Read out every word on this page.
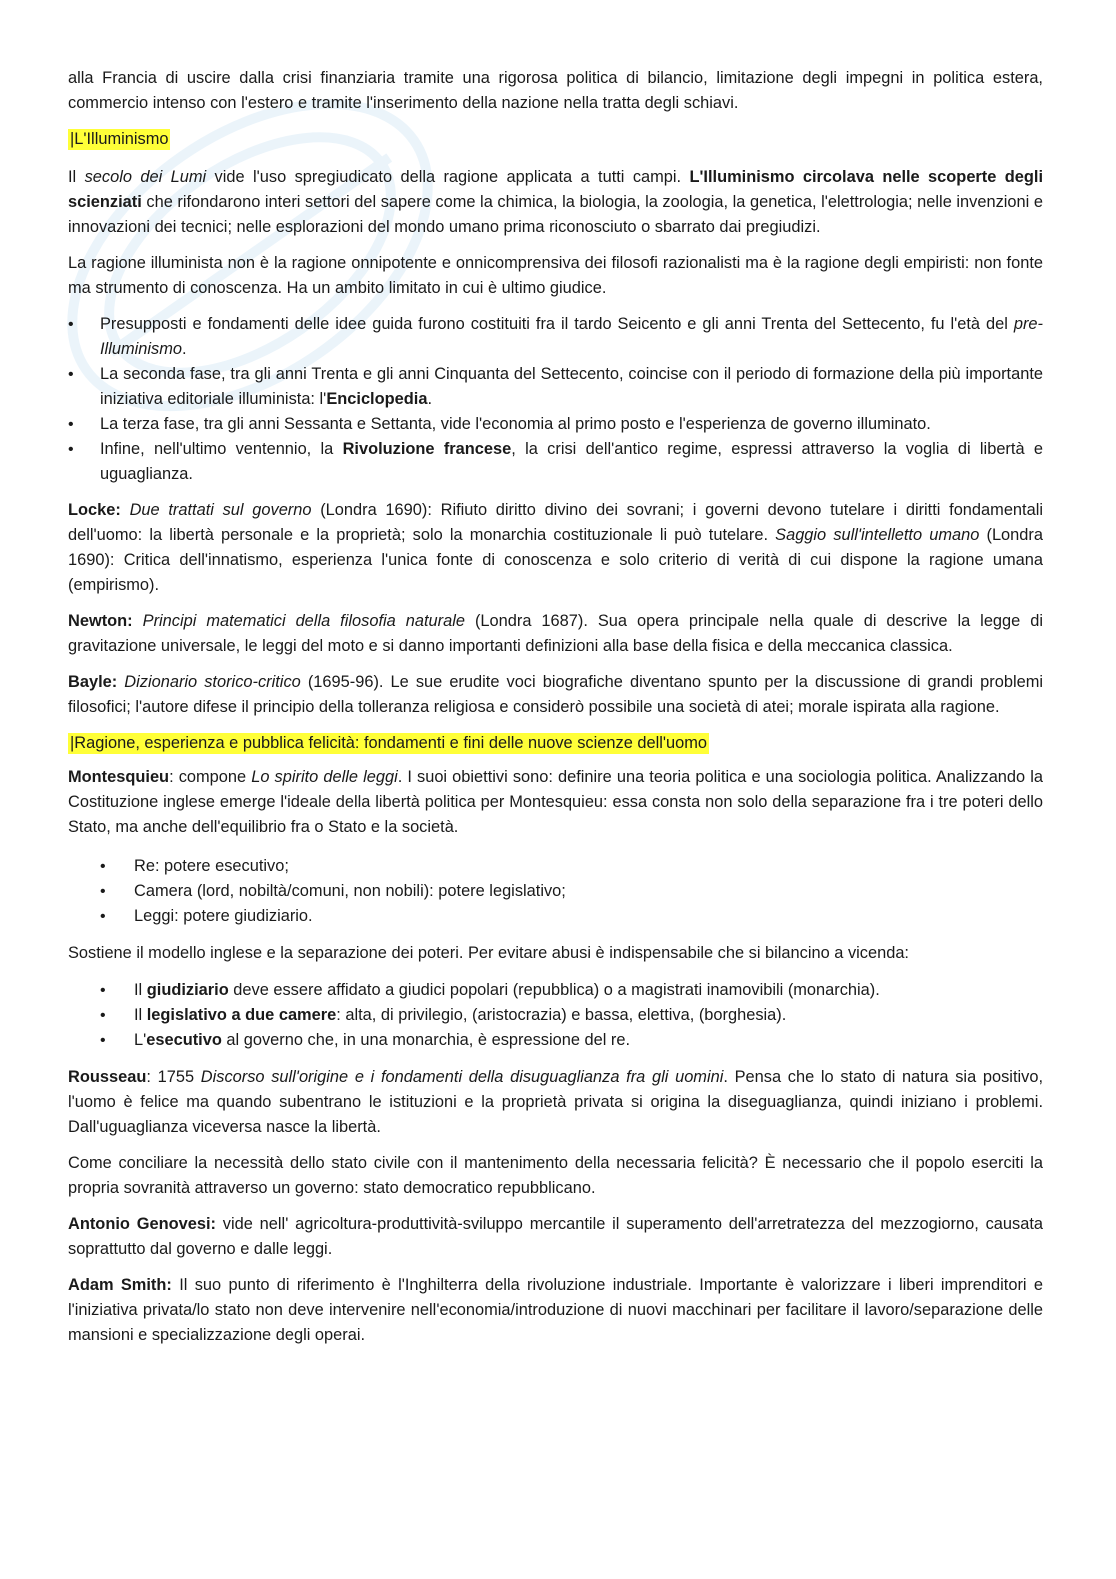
alla Francia di uscire dalla crisi finanziaria tramite una rigorosa politica di bilancio, limitazione degli impegni in politica estera, commercio intenso con l'estero e tramite l'inserimento della nazione nella tratta degli schiavi.

|L'Illuminismo

Il secolo dei Lumi vide l'uso spregiudicato della ragione applicata a tutti campi. L'Illuminismo circolava nelle scoperte degli scienziati che rifondarono interi settori del sapere come la chimica, la biologia, la zoologia, la genetica, l'elettrologia; nelle invenzioni e innovazioni dei tecnici; nelle esplorazioni del mondo umano prima riconosciuto o sbarrato dai pregiudizi.

La ragione illuminista non è la ragione onnipotente e onnicomprensiva dei filosofi razionalisti ma è la ragione degli empiristi: non fonte ma strumento di conoscenza. Ha un ambito limitato in cui è ultimo giudice.

• Presupposti e fondamenti delle idee guida furono costituiti fra il tardo Seicento e gli anni Trenta del Settecento, fu l'età del pre-Illuminismo.
• La seconda fase, tra gli anni Trenta e gli anni Cinquanta del Settecento, coincise con il periodo di formazione della più importante iniziativa editoriale illuminista: l'Enciclopedia.
• La terza fase, tra gli anni Sessanta e Settanta, vide l'economia al primo posto e l'esperienza de governo illuminato.
• Infine, nell'ultimo ventennio, la Rivoluzione francese, la crisi dell'antico regime, espressi attraverso la voglia di libertà e uguaglianza.

Locke: Due trattati sul governo (Londra 1690): Rifiuto diritto divino dei sovrani; i governi devono tutelare i diritti fondamentali dell'uomo: la libertà personale e la proprietà; solo la monarchia costituzionale li può tutelare. Saggio sull'intelletto umano (Londra 1690): Critica dell'innatismo, esperienza l'unica fonte di conoscenza e solo criterio di verità di cui dispone la ragione umana (empirismo).

Newton: Principi matematici della filosofia naturale (Londra 1687). Sua opera principale nella quale di descrive la legge di gravitazione universale, le leggi del moto e si danno importanti definizioni alla base della fisica e della meccanica classica.

Bayle: Dizionario storico-critico (1695-96). Le sue erudite voci biografiche diventano spunto per la discussione di grandi problemi filosofici; l'autore difese il principio della tolleranza religiosa e considerò possibile una società di atei; morale ispirata alla ragione.

|Ragione, esperienza e pubblica felicità: fondamenti e fini delle nuove scienze dell'uomo

Montesquieu: compone Lo spirito delle leggi. I suoi obiettivi sono: definire una teoria politica e una sociologia politica. Analizzando la Costituzione inglese emerge l'ideale della libertà politica per Montesquieu: essa consta non solo della separazione fra i tre poteri dello Stato, ma anche dell'equilibrio fra o Stato e la società.

• Re: potere esecutivo;
• Camera (lord, nobiltà/comuni, non nobili): potere legislativo;
• Leggi: potere giudiziario.

Sostiene il modello inglese e la separazione dei poteri. Per evitare abusi è indispensabile che si bilancino a vicenda:

• Il giudiziario deve essere affidato a giudici popolari (repubblica) o a magistrati inamovibili (monarchia).
• Il legislativo a due camere: alta, di privilegio, (aristocrazia) e bassa, elettiva, (borghesia).
• L'esecutivo al governo che, in una monarchia, è espressione del re.

Rousseau: 1755 Discorso sull'origine e i fondamenti della disuguaglianza fra gli uomini. Pensa che lo stato di natura sia positivo, l'uomo è felice ma quando subentrano le istituzioni e la proprietà privata si origina la diseguaglianza, quindi iniziano i problemi. Dall'uguaglianza viceversa nasce la libertà.

Come conciliare la necessità dello stato civile con il mantenimento della necessaria felicità? È necessario che il popolo eserciti la propria sovranità attraverso un governo: stato democratico repubblicano.

Antonio Genovesi: vide nell' agricoltura-produttività-sviluppo mercantile il superamento dell'arretratezza del mezzogiorno, causata soprattutto dal governo e dalle leggi.

Adam Smith: Il suo punto di riferimento è l'Inghilterra della rivoluzione industriale. Importante è valorizzare i liberi imprenditori e l'iniziativa privata/lo stato non deve intervenire nell'economia/introduzione di nuovi macchinari per facilitare il lavoro/separazione delle mansioni e specializzazione degli operai.
